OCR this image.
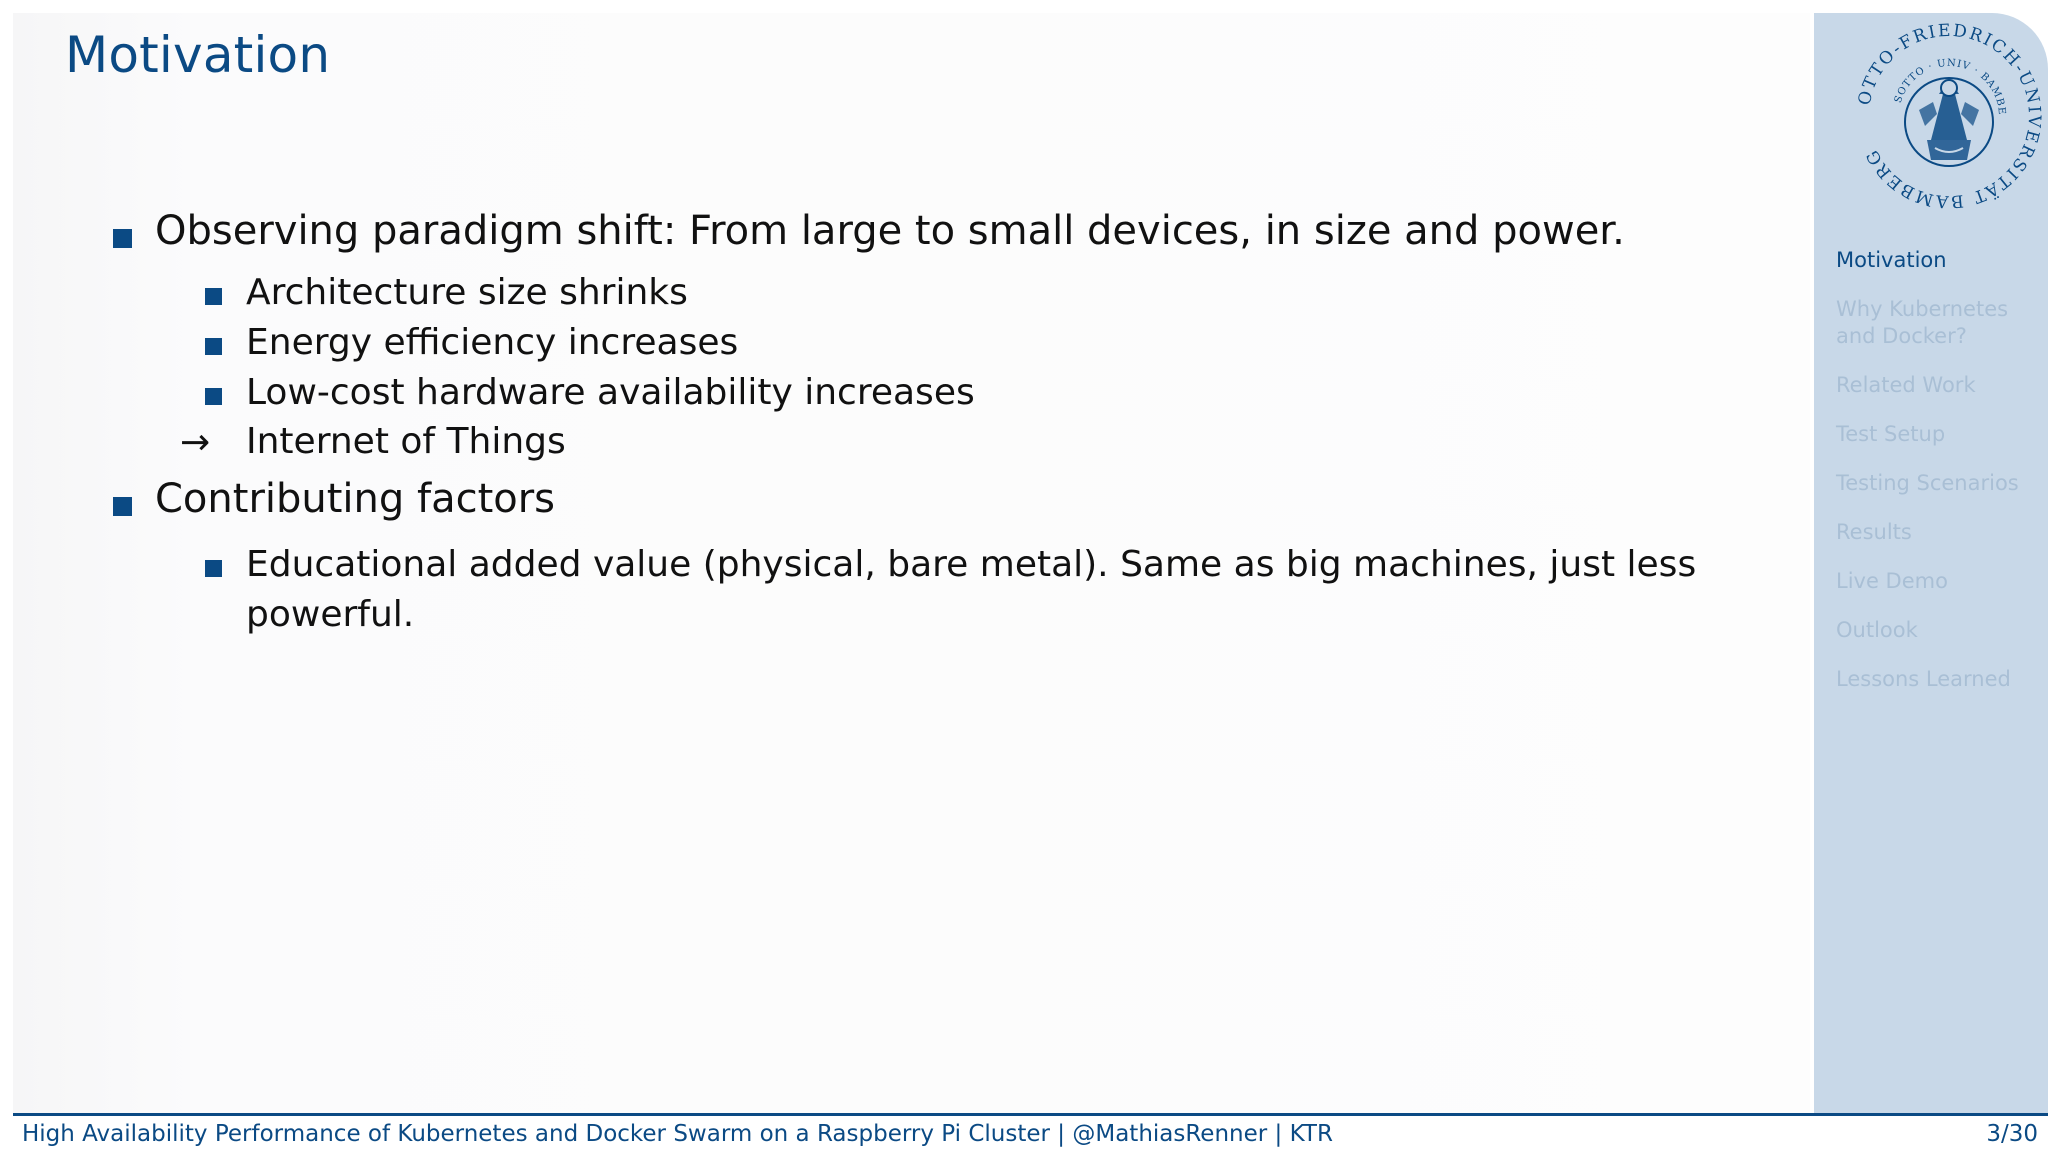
Motivation
Observing paradigm shift: From large to small devices, in size and power.
Architecture size shrinks
Energy efficiency increases
Low-cost hardware availability increases
→ Internet of Things
Contributing factors
Educational added value (physical, bare metal). Same as big machines, just less
powerful.
OTTO-FRIEDRICH-UNIVERSITÄT BAMBERG
SOTTO · UNIV · BAMBE
Motivation
Why Kubernetes and Docker?
Related Work
Test Setup
Testing Scenarios
Results
Live Demo
Outlook
Lessons Learned
High Availability Performance of Kubernetes and Docker Swarm on a Raspberry Pi Cluster | @MathiasRenner | KTR	3/30
